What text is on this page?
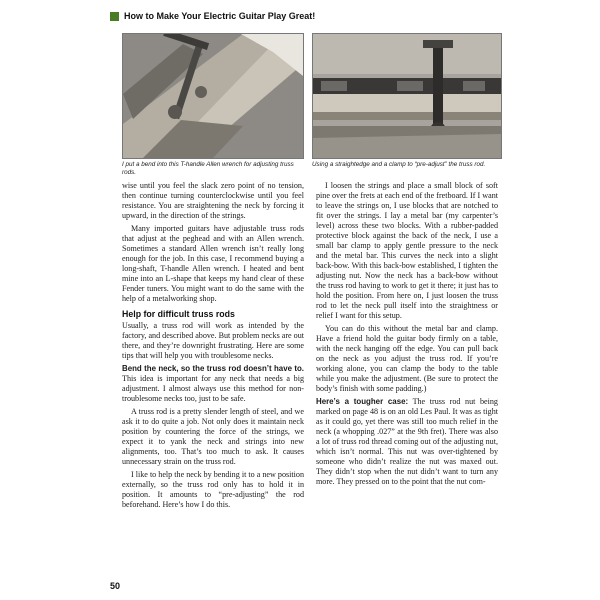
How to Make Your Electric Guitar Play Great!
I put a bend into this T-handle Allen wrench for adjusting truss rods.
Using a straightedge and a clamp to “pre-adjust” the truss rod.

wise until you feel the slack zero point of no tension, then continue turning counterclockwise until you feel resistance. You are straightening the neck by forcing it upward, in the direction of the strings.

Many imported guitars have adjustable truss rods that adjust at the peghead and with an Allen wrench. Sometimes a standard Allen wrench isn’t really long enough for the job. In this case, I recommend buying a long-shaft, T-handle Allen wrench. I heated and bent mine into an L-shape that keeps my hand clear of these Fender tuners. You might want to do the same with the help of a metalworking shop.

Help for difficult truss rods

Usually, a truss rod will work as intended by the factory, and described above. But problem necks are out there, and they’re downright frustrating. Here are some tips that will help you with troublesome necks.

Bend the neck, so the truss rod doesn’t have to. This idea is important for any neck that needs a big adjustment. I almost always use this method for non-troublesome necks too, just to be safe.

A truss rod is a pretty slender length of steel, and we ask it to do quite a job. Not only does it maintain neck position by countering the force of the strings, we expect it to yank the neck and strings into new alignments, too. That’s too much to ask. It causes unnecessary strain on the truss rod.

I like to help the neck by bending it to a new position externally, so the truss rod only has to hold it in position. It amounts to “pre-adjusting” the rod beforehand. Here’s how I do this.

I loosen the strings and place a small block of soft pine over the frets at each end of the fretboard. If I want to leave the strings on, I use blocks that are notched to fit over the strings. I lay a metal bar (my carpenter’s level) across these two blocks. With a rubber-padded protective block against the back of the neck, I use a small bar clamp to apply gentle pressure to the neck and the metal bar. This curves the neck into a slight back-bow. With this back-bow established, I tighten the adjusting nut. Now the neck has a back-bow without the truss rod having to work to get it there; it just has to hold the position. From here on, I just loosen the truss rod to let the neck pull itself into the straightness or relief I want for this setup.

You can do this without the metal bar and clamp. Have a friend hold the guitar body firmly on a table, with the neck hanging off the edge. You can pull back on the neck as you adjust the truss rod. If you’re working alone, you can clamp the body to the table while you make the adjustment. (Be sure to protect the body’s finish with some padding.)

Here’s a tougher case: The truss rod nut being marked on page 48 is on an old Les Paul. It was as tight as it could go, yet there was still too much relief in the neck (a whopping .027” at the 9th fret). There was also a lot of truss rod thread coming out of the adjusting nut, which isn’t normal. This nut was over-tightened by someone who didn’t realize the nut was maxed out. They didn’t stop when the nut didn’t want to turn any more. They pressed on to the point that the nut com-

50
